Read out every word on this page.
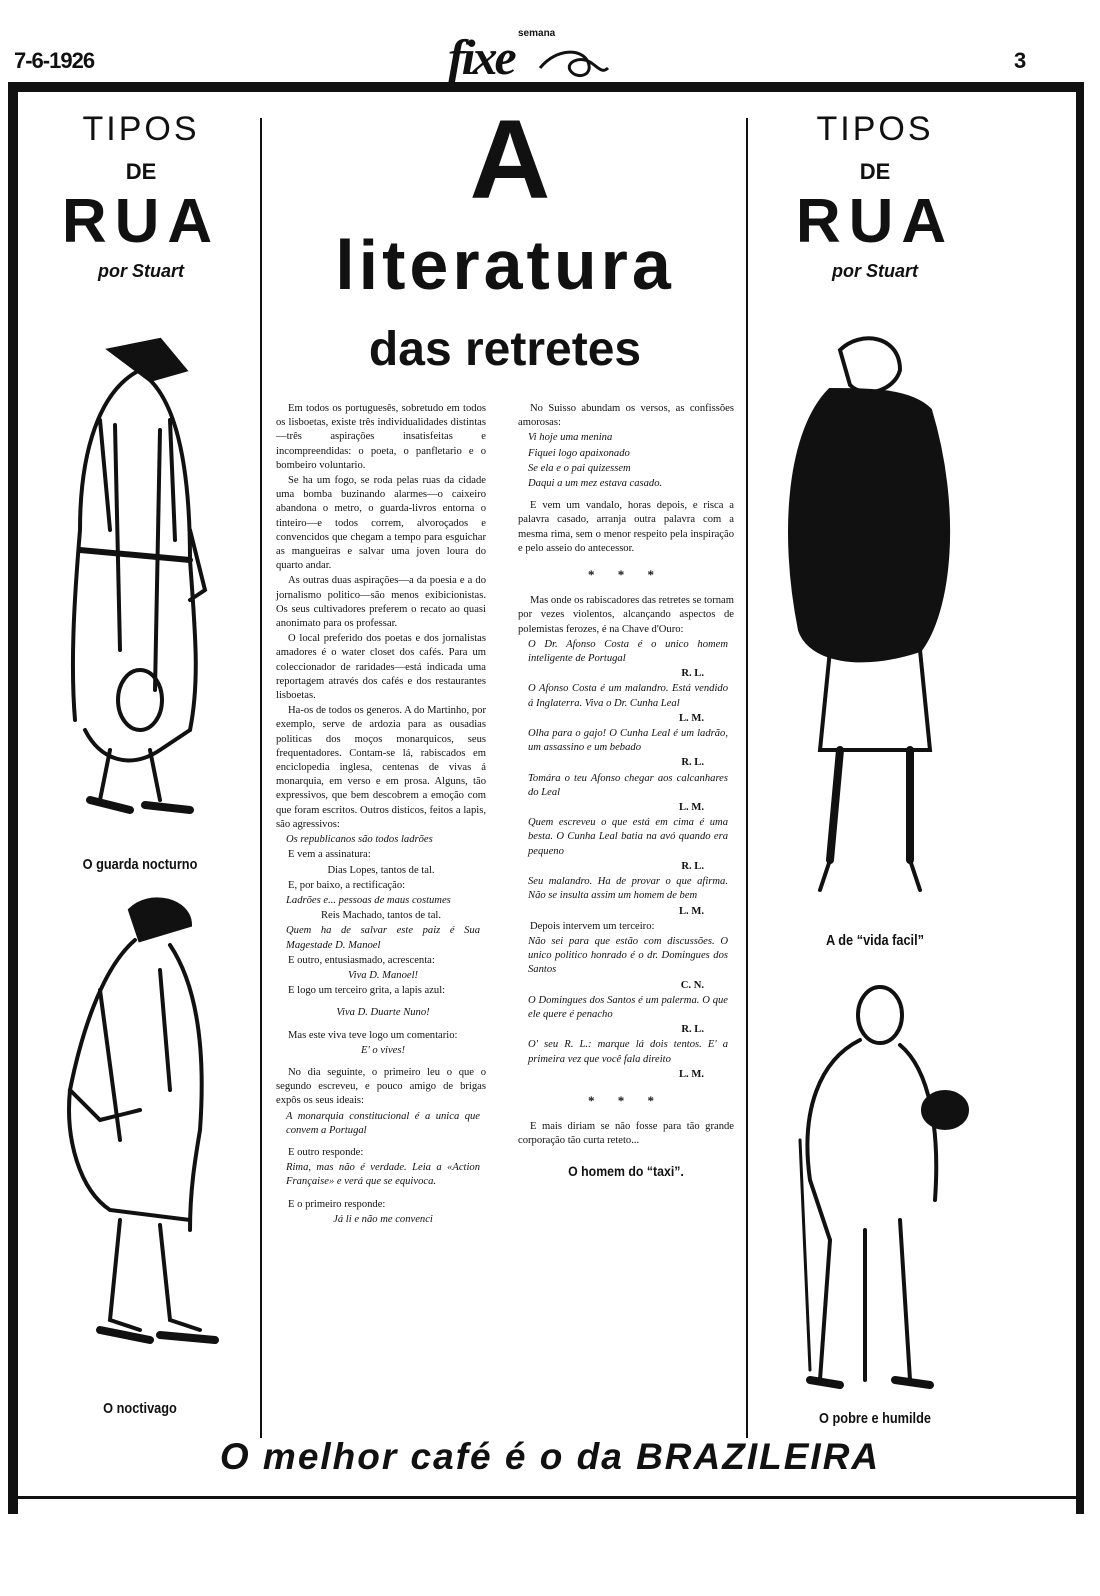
7-6-1926
semana
fixe	3
TIPOS
DE
RUA
por Stuart
O guarda nocturno
O noctivago
TIPOS
DE
RUA
por Stuart
A de “vida facil”
O pobre e humilde
A
literatura
das retretes

Em todos os portuguesês, sobretudo em todos os lisboetas, existe três individualidades distintas—três aspirações insatisfeitas e incompreendidas: o poeta, o panfletario e o bombeiro voluntario.

Se ha um fogo, se roda pelas ruas da cidade uma bomba buzinando alarmes—o caixeiro abandona o metro, o guarda-livros entorna o tinteiro—e todos correm, alvoroçados e convencidos que chegam a tempo para esguichar as mangueiras e salvar uma joven loura do quarto andar.

As outras duas aspirações—a da poesia e a do jornalismo politico—são menos exibicionistas. Os seus cultivadores preferem o recato ao quasi anonimato para os professar.

O local preferido dos poetas e dos jornalistas amadores é o water closet dos cafés. Para um coleccionador de raridades—está indicada uma reportagem através dos cafés e dos restaurantes lisboetas.

Ha-os de todos os generos. A do Martinho, por exemplo, serve de ardozia para as ousadias politicas dos moços monarquicos, seus frequentadores. Contam-se lá, rabiscados em enciclopedia inglesa, centenas de vivas á monarquia, em verso e em prosa. Alguns, tão expressivos, que bem descobrem a emoção com que foram escritos. Outros disticos, feitos a lapis, são agressivos:

Os republicanos são todos ladrões

E vem a assinatura:

Dias Lopes, tantos de tal.

E, por baixo, a rectificação:

Ladrões e... pessoas de maus costumes

Reis Machado, tantos de tal.

Quem ha de salvar este paiz é Sua Magestade D. Manoel

E outro, entusiasmado, acrescenta:

Viva D. Manoel!

E logo um terceiro grita, a lapis azul:

Viva D. Duarte Nuno!

Mas este viva teve logo um comentario:

E' o vives!

No dia seguinte, o primeiro leu o que o segundo escreveu, e pouco amigo de brigas expôs os seus ideais:

A monarquia constitucional é a unica que convem a Portugal

E outro responde:

Rima, mas não é verdade. Leia a «Action Française» e verá que se equivoca.

E o primeiro responde:

Já li e não me convenci

No Suisso abundam os versos, as confissões amorosas:

Vi hoje uma menina

Fiquei logo apaixonado

Se ela e o pai quizessem

Daqui a um mez estava casado.

E vem um vandalo, horas depois, e risca a palavra casado, arranja outra palavra com a mesma rima, sem o menor respeito pela inspiração e pelo asseio do antecessor.

* * *

Mas onde os rabiscadores das retretes se tornam por vezes violentos, alcançando aspectos de polemistas ferozes, é na Chave d'Ouro:

O Dr. Afonso Costa é o unico homem inteligente de Portugal

R. L.

O Afonso Costa é um malandro. Está vendido á Inglaterra. Viva o Dr. Cunha Leal

L. M.

Olha para o gajo! O Cunha Leal é um ladrão, um assassino e um bebado

R. L.

Tomára o teu Afonso chegar aos calcanhares do Leal

L. M.

Quem escreveu o que está em cima é uma besta. O Cunha Leal batia na avó quando era pequeno

R. L.

Seu malandro. Ha de provar o que afirma. Não se insulta assim um homem de bem

L. M.

Depois intervem um terceiro:

Não sei para que estão com discussões. O unico politico honrado é o dr. Domingues dos Santos

C. N.

O Domingues dos Santos é um palerma. O que ele quere é penacho

R. L.

O' seu R. L.: marque lá dois tentos. E' a primeira vez que você fala direito

L. M.

* * *

E mais diriam se não fosse para tão grande corporação tão curta reteto...

O homem do “taxi”.

O melhor café é o da BRAZILEIRA
